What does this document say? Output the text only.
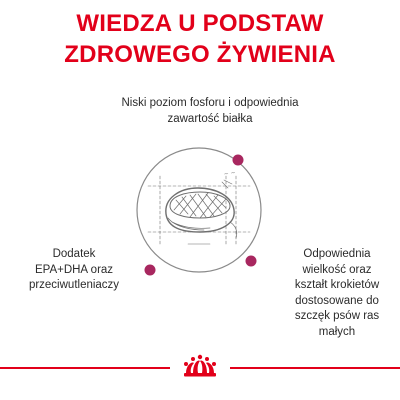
WIEDZA U PODSTAW
ZDROWEGO ŻYWIENIA
~ ~
Niski poziom fosforu i odpowiednia
zawartość białka
Dodatek
EPA+DHA oraz
przeciwutleniaczy
Odpowiednia
wielkość oraz
kształt krokietów
dostosowane do
szczęk psów ras
małych
